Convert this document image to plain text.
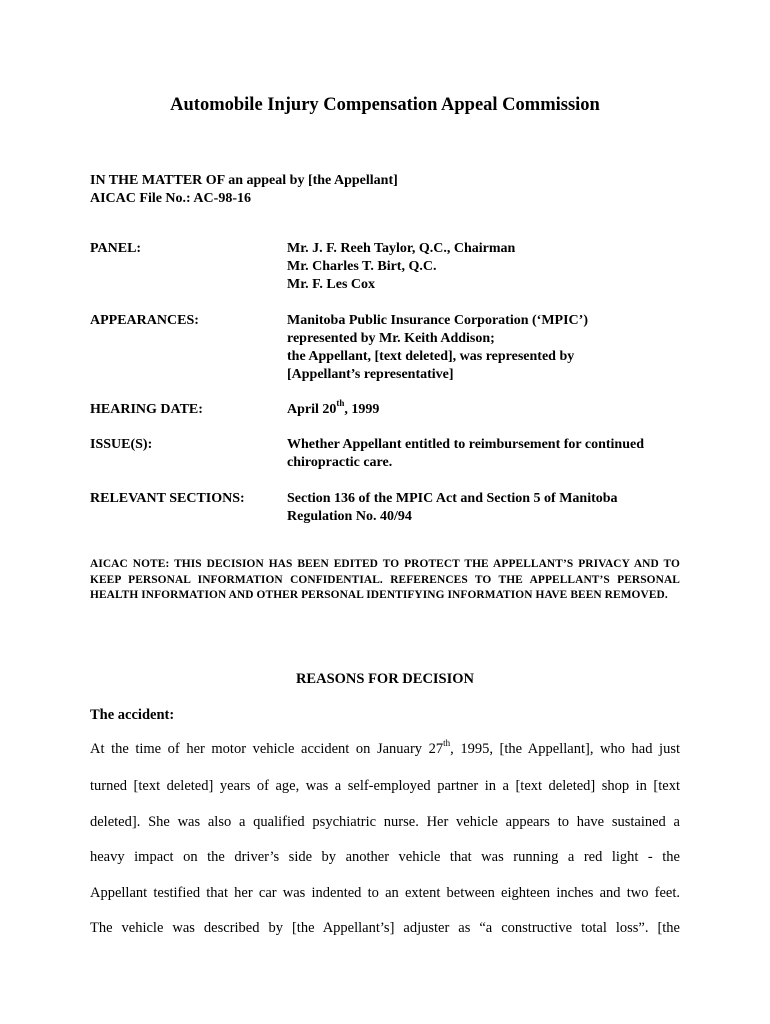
Automobile Injury Compensation Appeal Commission
IN THE MATTER OF an appeal by [the Appellant]
AICAC File No.: AC-98-16
PANEL:	Mr. J. F. Reeh Taylor, Q.C., Chairman
Mr. Charles T. Birt, Q.C.
Mr. F. Les Cox
APPEARANCES:	Manitoba Public Insurance Corporation (‘MPIC’)
represented by Mr. Keith Addison;
the Appellant, [text deleted], was represented by
[Appellant’s representative]
HEARING DATE:	April 20th, 1999
ISSUE(S):	Whether Appellant entitled to reimbursement for continued
chiropractic care.
RELEVANT SECTIONS:	Section 136 of the MPIC Act and Section 5 of Manitoba
Regulation No. 40/94
AICAC NOTE: THIS DECISION HAS BEEN EDITED TO PROTECT THE APPELLANT’S PRIVACY AND TO KEEP PERSONAL INFORMATION CONFIDENTIAL. REFERENCES TO THE APPELLANT’S PERSONAL HEALTH INFORMATION AND OTHER PERSONAL IDENTIFYING INFORMATION HAVE BEEN REMOVED.
REASONS FOR DECISION
The accident:
At the time of her motor vehicle accident on January 27th, 1995, [the Appellant], who had just
turned [text deleted] years of age, was a self-employed partner in a [text deleted] shop in [text
deleted]. She was also a qualified psychiatric nurse. Her vehicle appears to have sustained a
heavy impact on the driver’s side by another vehicle that was running a red light - the
Appellant testified that her car was indented to an extent between eighteen inches and two feet.
The vehicle was described by [the Appellant’s] adjuster as “a constructive total loss”. [the
